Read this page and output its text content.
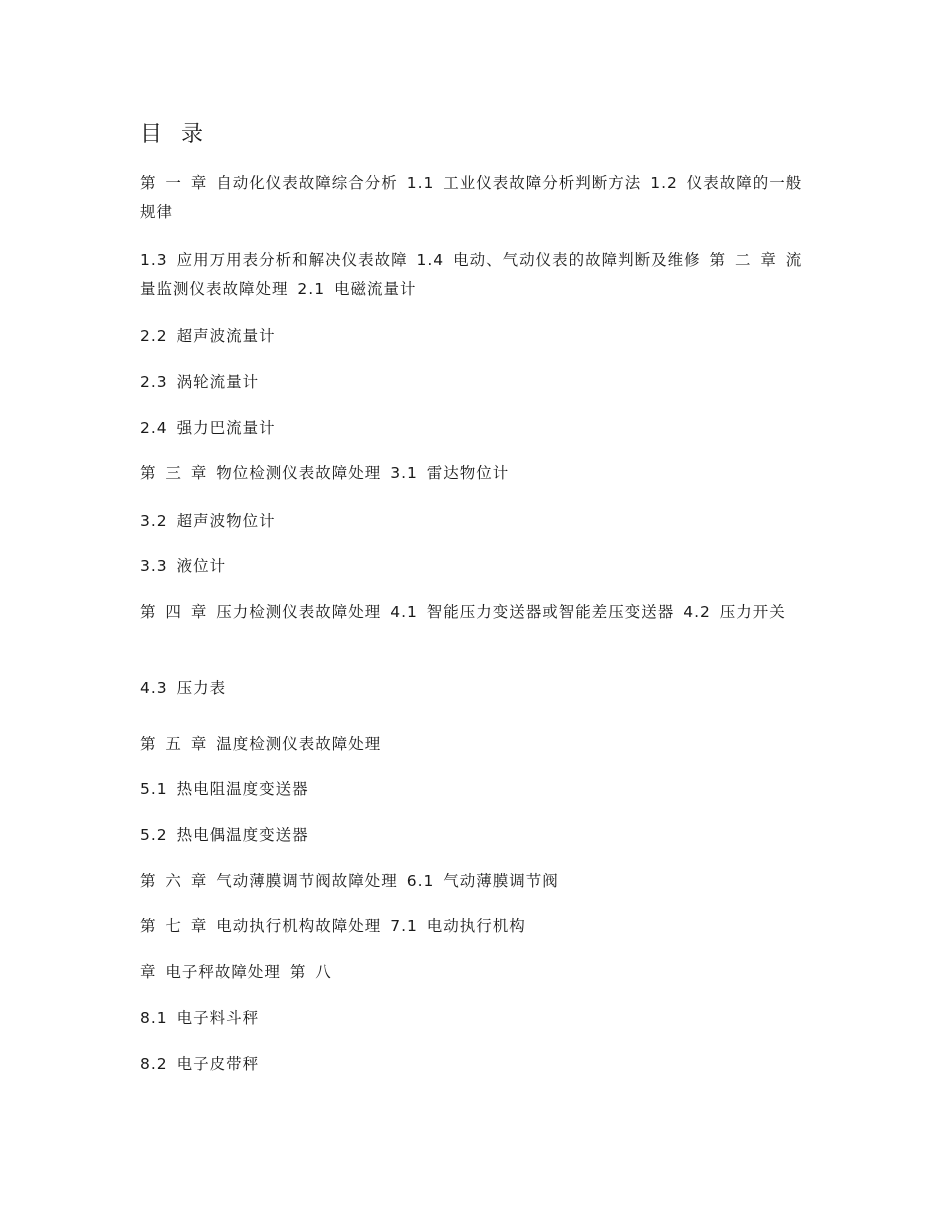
目 录

第 一 章 自动化仪表故障综合分析 1.1 工业仪表故障分析判断方法 1.2 仪表故障的一般规律

1.3 应用万用表分析和解决仪表故障 1.4 电动、气动仪表的故障判断及维修 第 二 章 流量监测仪表故障处理 2.1 电磁流量计

2.2 超声波流量计

2.3 涡轮流量计

2.4 强力巴流量计

第 三 章 物位检测仪表故障处理 3.1 雷达物位计

3.2 超声波物位计

3.3 液位计

第 四 章 压力检测仪表故障处理 4.1 智能压力变送器或智能差压变送器 4.2 压力开关

4.3 压力表

第 五 章 温度检测仪表故障处理

5.1 热电阻温度变送器

5.2 热电偶温度变送器

第 六 章 气动薄膜调节阀故障处理 6.1 气动薄膜调节阀

第 七 章 电动执行机构故障处理 7.1 电动执行机构

章 电子秤故障处理 第 八

8.1 电子料斗秤

8.2 电子皮带秤
